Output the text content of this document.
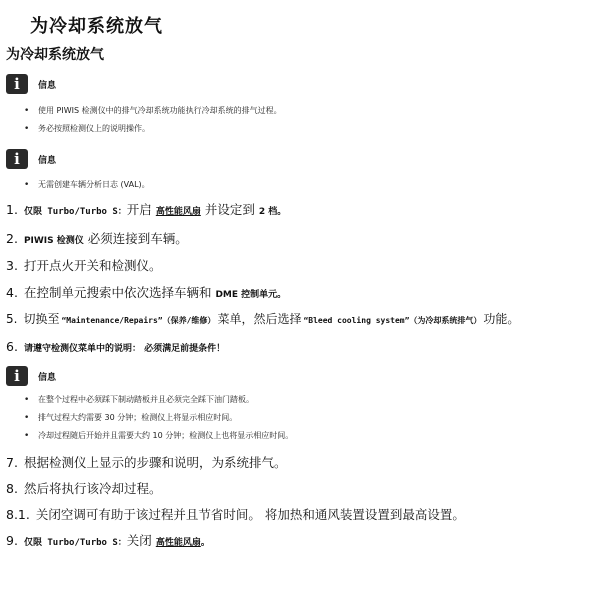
为冷却系统放气
为冷却系统放气
i	信息
•	使用 PIWIS 检测仪中的排气冷却系统功能执行冷却系统的排气过程。
•	务必按照检测仪上的说明操作。
i	信息
•	无需创建车辆分析日志 (VAL)。
1. 仅限 Turbo/Turbo S： 开启 高性能风扇 并设定到 2 档。
2. PIWIS 检测仪 必须连接到车辆。
3. 打开点火开关和检测仪。
4. 在控制单元搜索中依次选择车辆和 DME 控制单元。
5. 切换至 “Maintenance/Repairs”（保养/维修） 菜单，然后选择 “Bleed cooling system”（为冷却系统排气） 功能。
6. 请遵守检测仪菜单中的说明： 必须满足前提条件！
i	信息
•	在整个过程中必须踩下制动踏板并且必须完全踩下油门踏板。
•	排气过程大约需要 30 分钟；检测仪上将显示相应时间。
•	冷却过程随后开始并且需要大约 10 分钟；检测仪上也将显示相应时间。
7. 根据检测仪上显示的步骤和说明，为系统排气。
8. 然后将执行该冷却过程。
8.1. 关闭空调可有助于该过程并且节省时间。 将加热和通风装置设置到最高设置。
9. 仅限 Turbo/Turbo S： 关闭 高性能风扇 。
